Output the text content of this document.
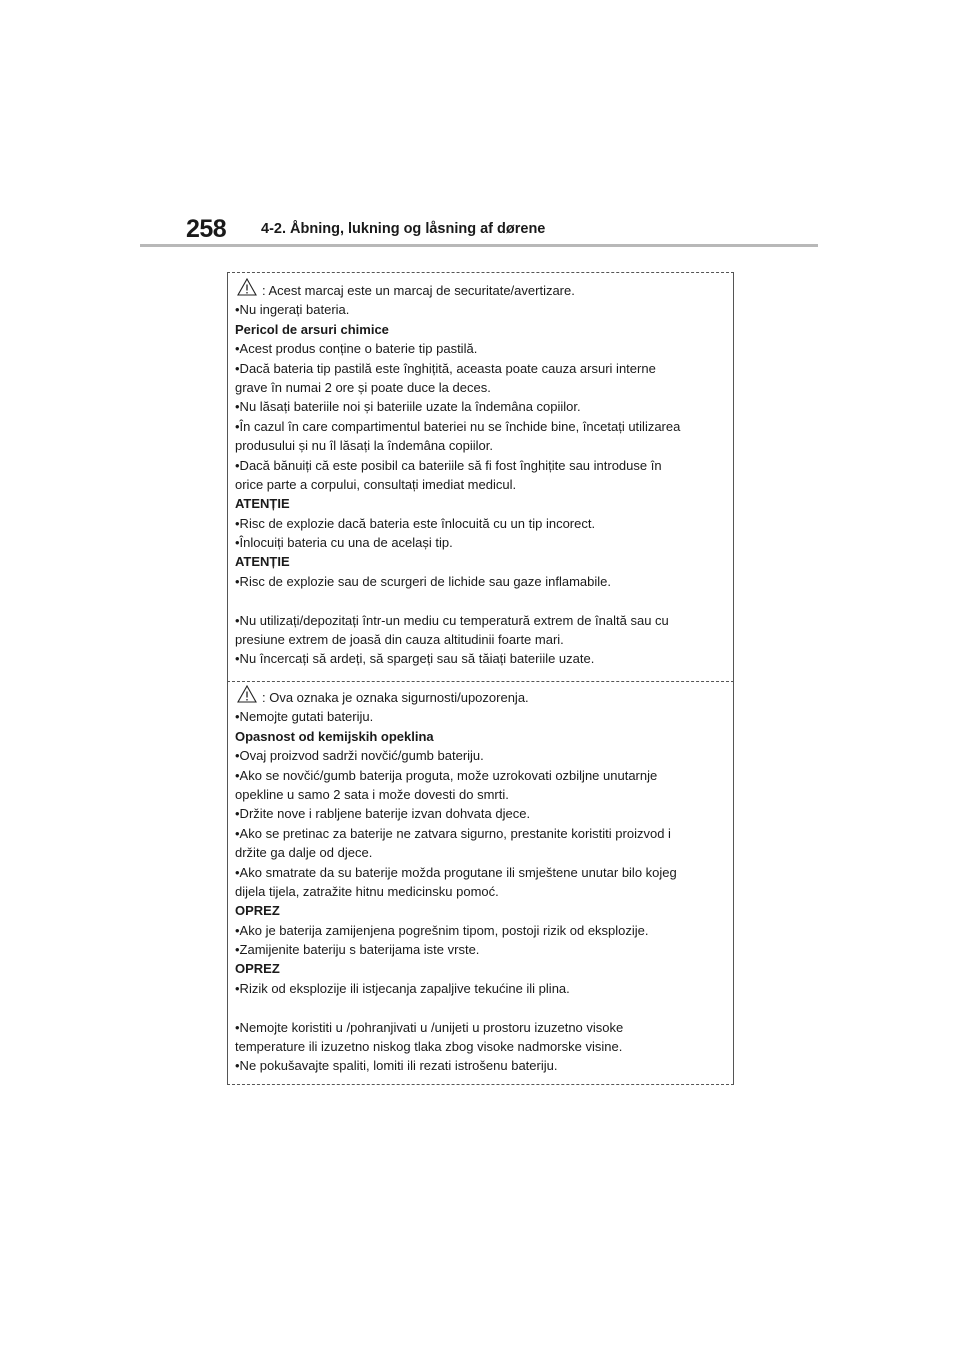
258 4-2. Åbning, lukning og låsning af dørene
: Acest marcaj este un marcaj de securitate/avertizare.
•Nu ingerați bateria.
Pericol de arsuri chimice
•Acest produs conține o baterie tip pastilă.
•Dacă bateria tip pastilă este înghițită, aceasta poate cauza arsuri interne
grave în numai 2 ore și poate duce la deces.
•Nu lăsați bateriile noi și bateriile uzate la îndemâna copiilor.
•În cazul în care compartimentul bateriei nu se închide bine, încetați utilizarea
produsului și nu îl lăsați la îndemâna copiilor.
•Dacă bănuiți că este posibil ca bateriile să fi fost înghițite sau introduse în
orice parte a corpului, consultați imediat medicul.
ATENȚIE
•Risc de explozie dacă bateria este înlocuită cu un tip incorect.
•Înlocuiți bateria cu una de același tip.
ATENȚIE
•Risc de explozie sau de scurgeri de lichide sau gaze inflamabile.
•Nu utilizați/depozitați într-un mediu cu temperatură extrem de înaltă sau cu
presiune extrem de joasă din cauza altitudinii foarte mari.
•Nu încercați să ardeți, să spargeți sau să tăiați bateriile uzate.
: Ova oznaka je oznaka sigurnosti/upozorenja.
•Nemojte gutati bateriju.
Opasnost od kemijskih opeklina
•Ovaj proizvod sadrži novčić/gumb bateriju.
•Ako se novčić/gumb baterija proguta, može uzrokovati ozbiljne unutarnje
opekline u samo 2 sata i može dovesti do smrti.
•Držite nove i rabljene baterije izvan dohvata djece.
•Ako se pretinac za baterije ne zatvara sigurno, prestanite koristiti proizvod i
držite ga dalje od djece.
•Ako smatrate da su baterije možda progutane ili smještene unutar bilo kojeg
dijela tijela, zatražite hitnu medicinsku pomoć.
OPREZ
•Ako je baterija zamijenjena pogrešnim tipom, postoji rizik od eksplozije.
•Zamijenite bateriju s baterijama iste vrste.
OPREZ
•Rizik od eksplozije ili istjecanja zapaljive tekućine ili plina.
•Nemojte koristiti u /pohranjivati u /unijeti u prostoru izuzetno visoke
temperature ili izuzetno niskog tlaka zbog visoke nadmorske visine.
•Ne pokušavajte spaliti, lomiti ili rezati istrošenu bateriju.
